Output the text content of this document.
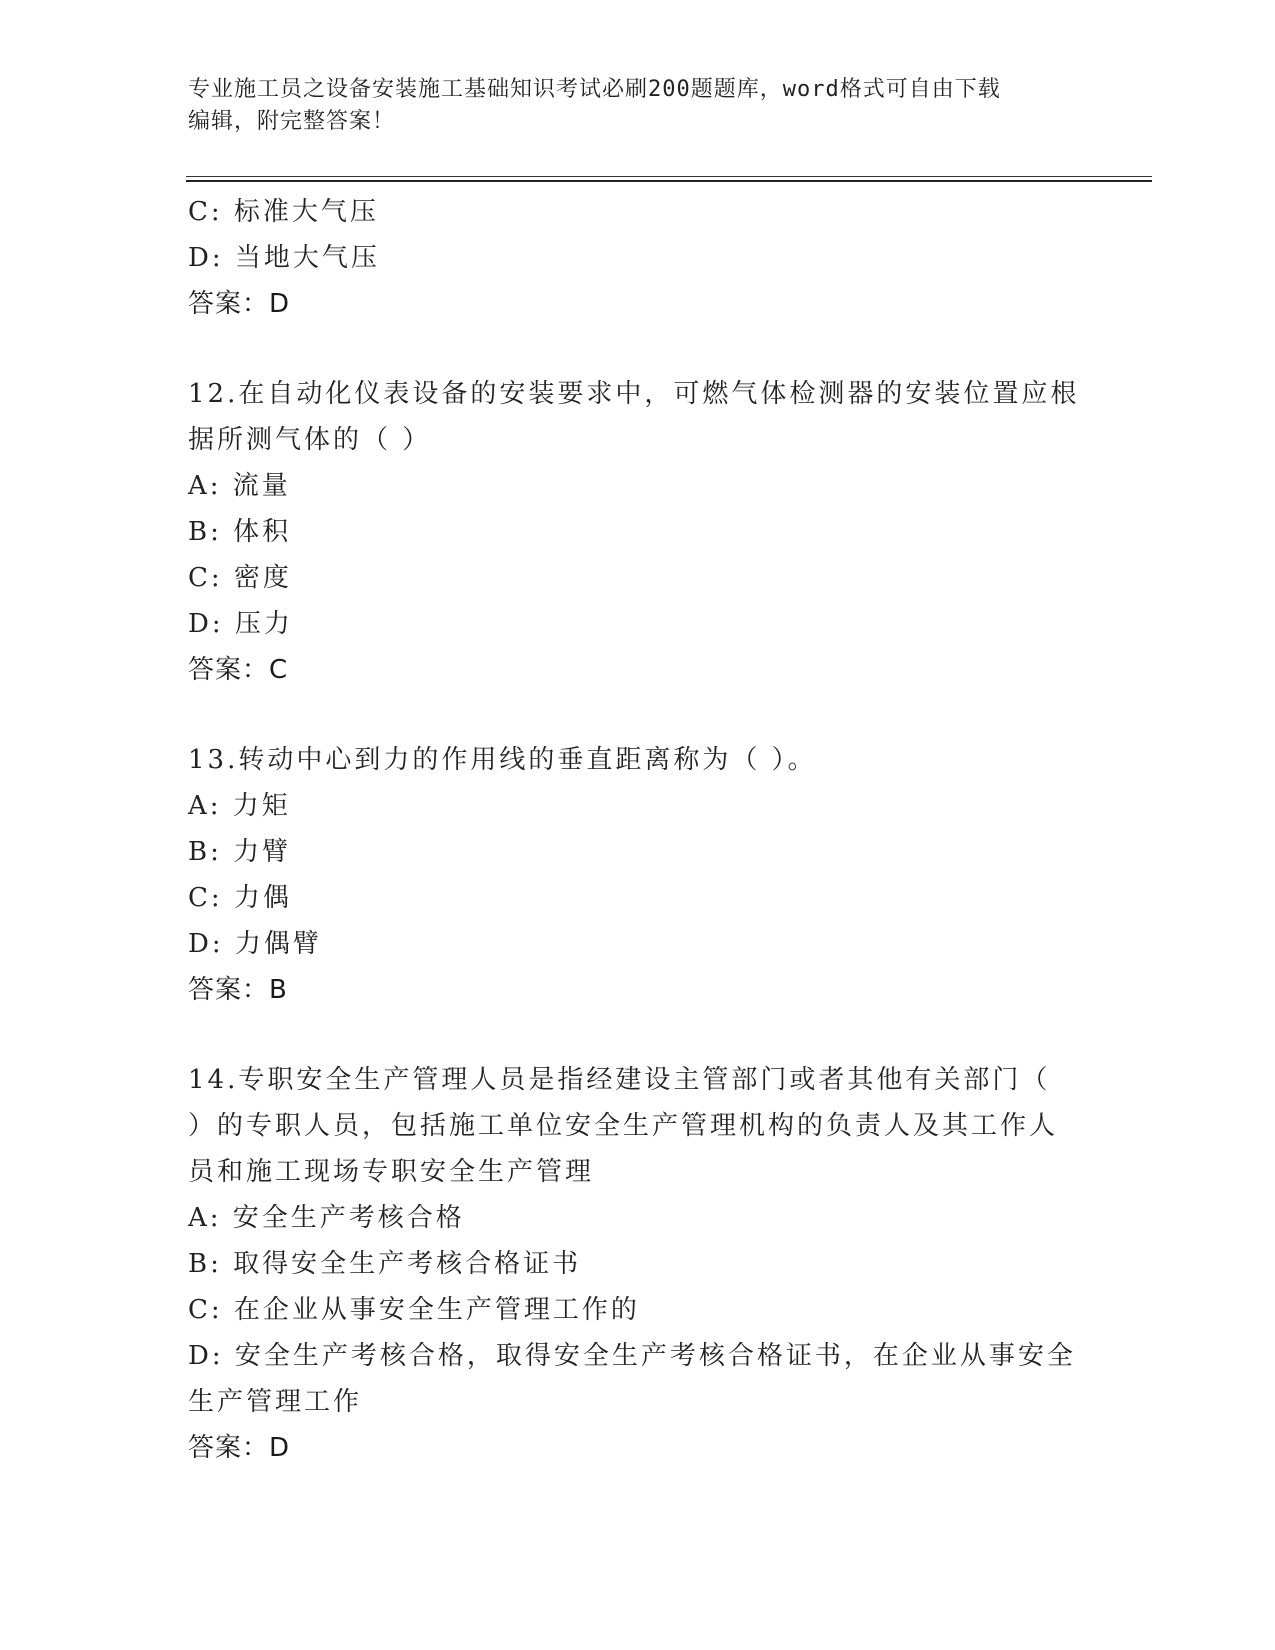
专业施工员之设备安装施工基础知识考试必刷200题题库，word格式可自由下载
编辑，附完整答案！
C: 标准大气压
D: 当地大气压
答案：D
12.在自动化仪表设备的安装要求中，可燃气体检测器的安装位置应根
据所测气体的（ ）
A: 流量
B: 体积
C: 密度
D: 压力
答案：C
13.转动中心到力的作用线的垂直距离称为（ ）。
A: 力矩
B: 力臂
C: 力偶
D: 力偶臂
答案：B
14.专职安全生产管理人员是指经建设主管部门或者其他有关部门（
）的专职人员，包括施工单位安全生产管理机构的负责人及其工作人
员和施工现场专职安全生产管理
A: 安全生产考核合格
B: 取得安全生产考核合格证书
C: 在企业从事安全生产管理工作的
D: 安全生产考核合格，取得安全生产考核合格证书，在企业从事安全
生产管理工作
答案：D
